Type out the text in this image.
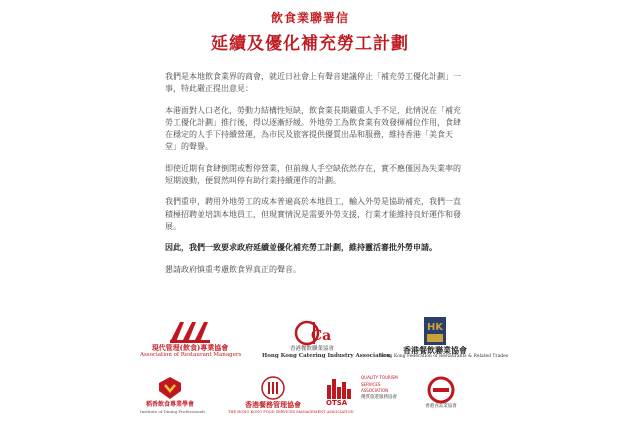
飲食業聯署信
延續及優化補充勞工計劃

我們是本地飲食業界的商會，就近日社會上有聲音建議停止「補充勞工優化計劃」一事，特此嚴正提出意見：

本港面對人口老化，勞動力結構性短缺，飲食業長期嚴重人手不足，此情況在「補充勞工優化計劃」推行後，得以逐漸紓緩。外地勞工為飲食業有效發揮補位作用，食肆在穩定的人手下持續營運，為市民及旅客提供優質出品和服務，維持香港「美食天堂」的聲譽。

即使近期有食肆倒閉或暫停營業，但前線人手空缺依然存在，實不應僅因為失業率的短期波動，便貿然叫停有助行業持續運作的計劃。

我們重申，聘用外地勞工的成本普遍高於本地員工，輸入外勞是協助補充，我們一直積極招聘並培訓本地員工，但現實情況是需要外勞支援，行業才能維持良好運作和發展。

因此，我們一致要求政府延續並優化補充勞工計劃，維持靈活審批外勞申請。

懇請政府慎重考慮飲食界真正的聲音。

現代管理(飲食)專業協會
Association of Restaurant Managers
Ca
香港餐飲聯業協會
Hong Kong Catering Industry Association
HK
香港餐飲聯業協會
Hong Kong Federation of Restaurants & Related Trades
稻香飲食專業學會
Institute of Dining Professionals
香港餐務管理協會
THE HONG KONG FOOD SERVICES MANAGEMENT ASSOCIATION
QTSA
QUALITY TOURISM SERVICES ASSOCIATION
優質旅遊服務協會
香港食品業協會
